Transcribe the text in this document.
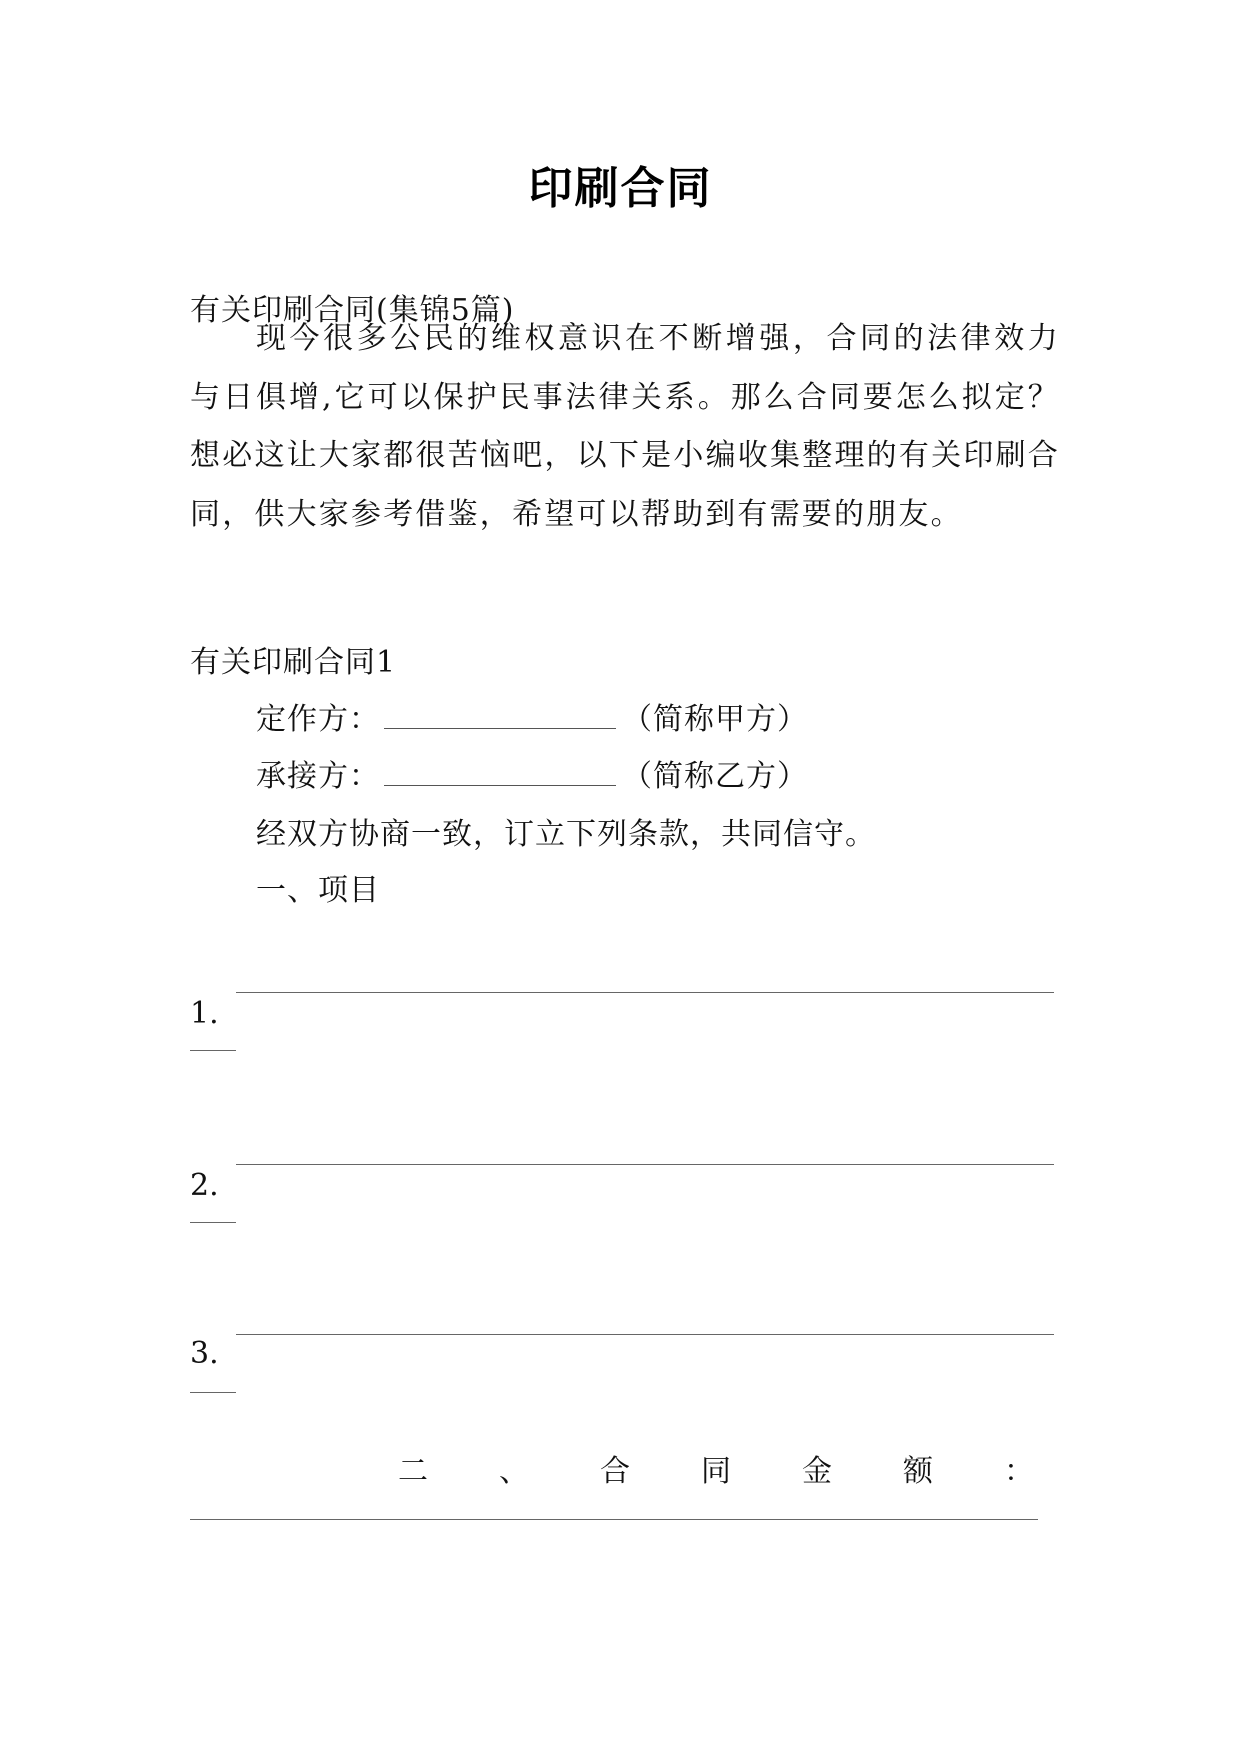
印刷合同
有关印刷合同(集锦5篇)
现今很多公民的维权意识在不断增强，合同的法律效力与日俱增,它可以保护民事法律关系。那么合同要怎么拟定？想必这让大家都很苦恼吧，以下是小编收集整理的有关印刷合同，供大家参考借鉴，希望可以帮助到有需要的朋友。
有关印刷合同1
定作方：	（简称甲方）
承接方：	（简称乙方）
经双方协商一致，订立下列条款，共同信守。
一、项目
1.
2.
3.
二 、 合 同 金 额 ：
